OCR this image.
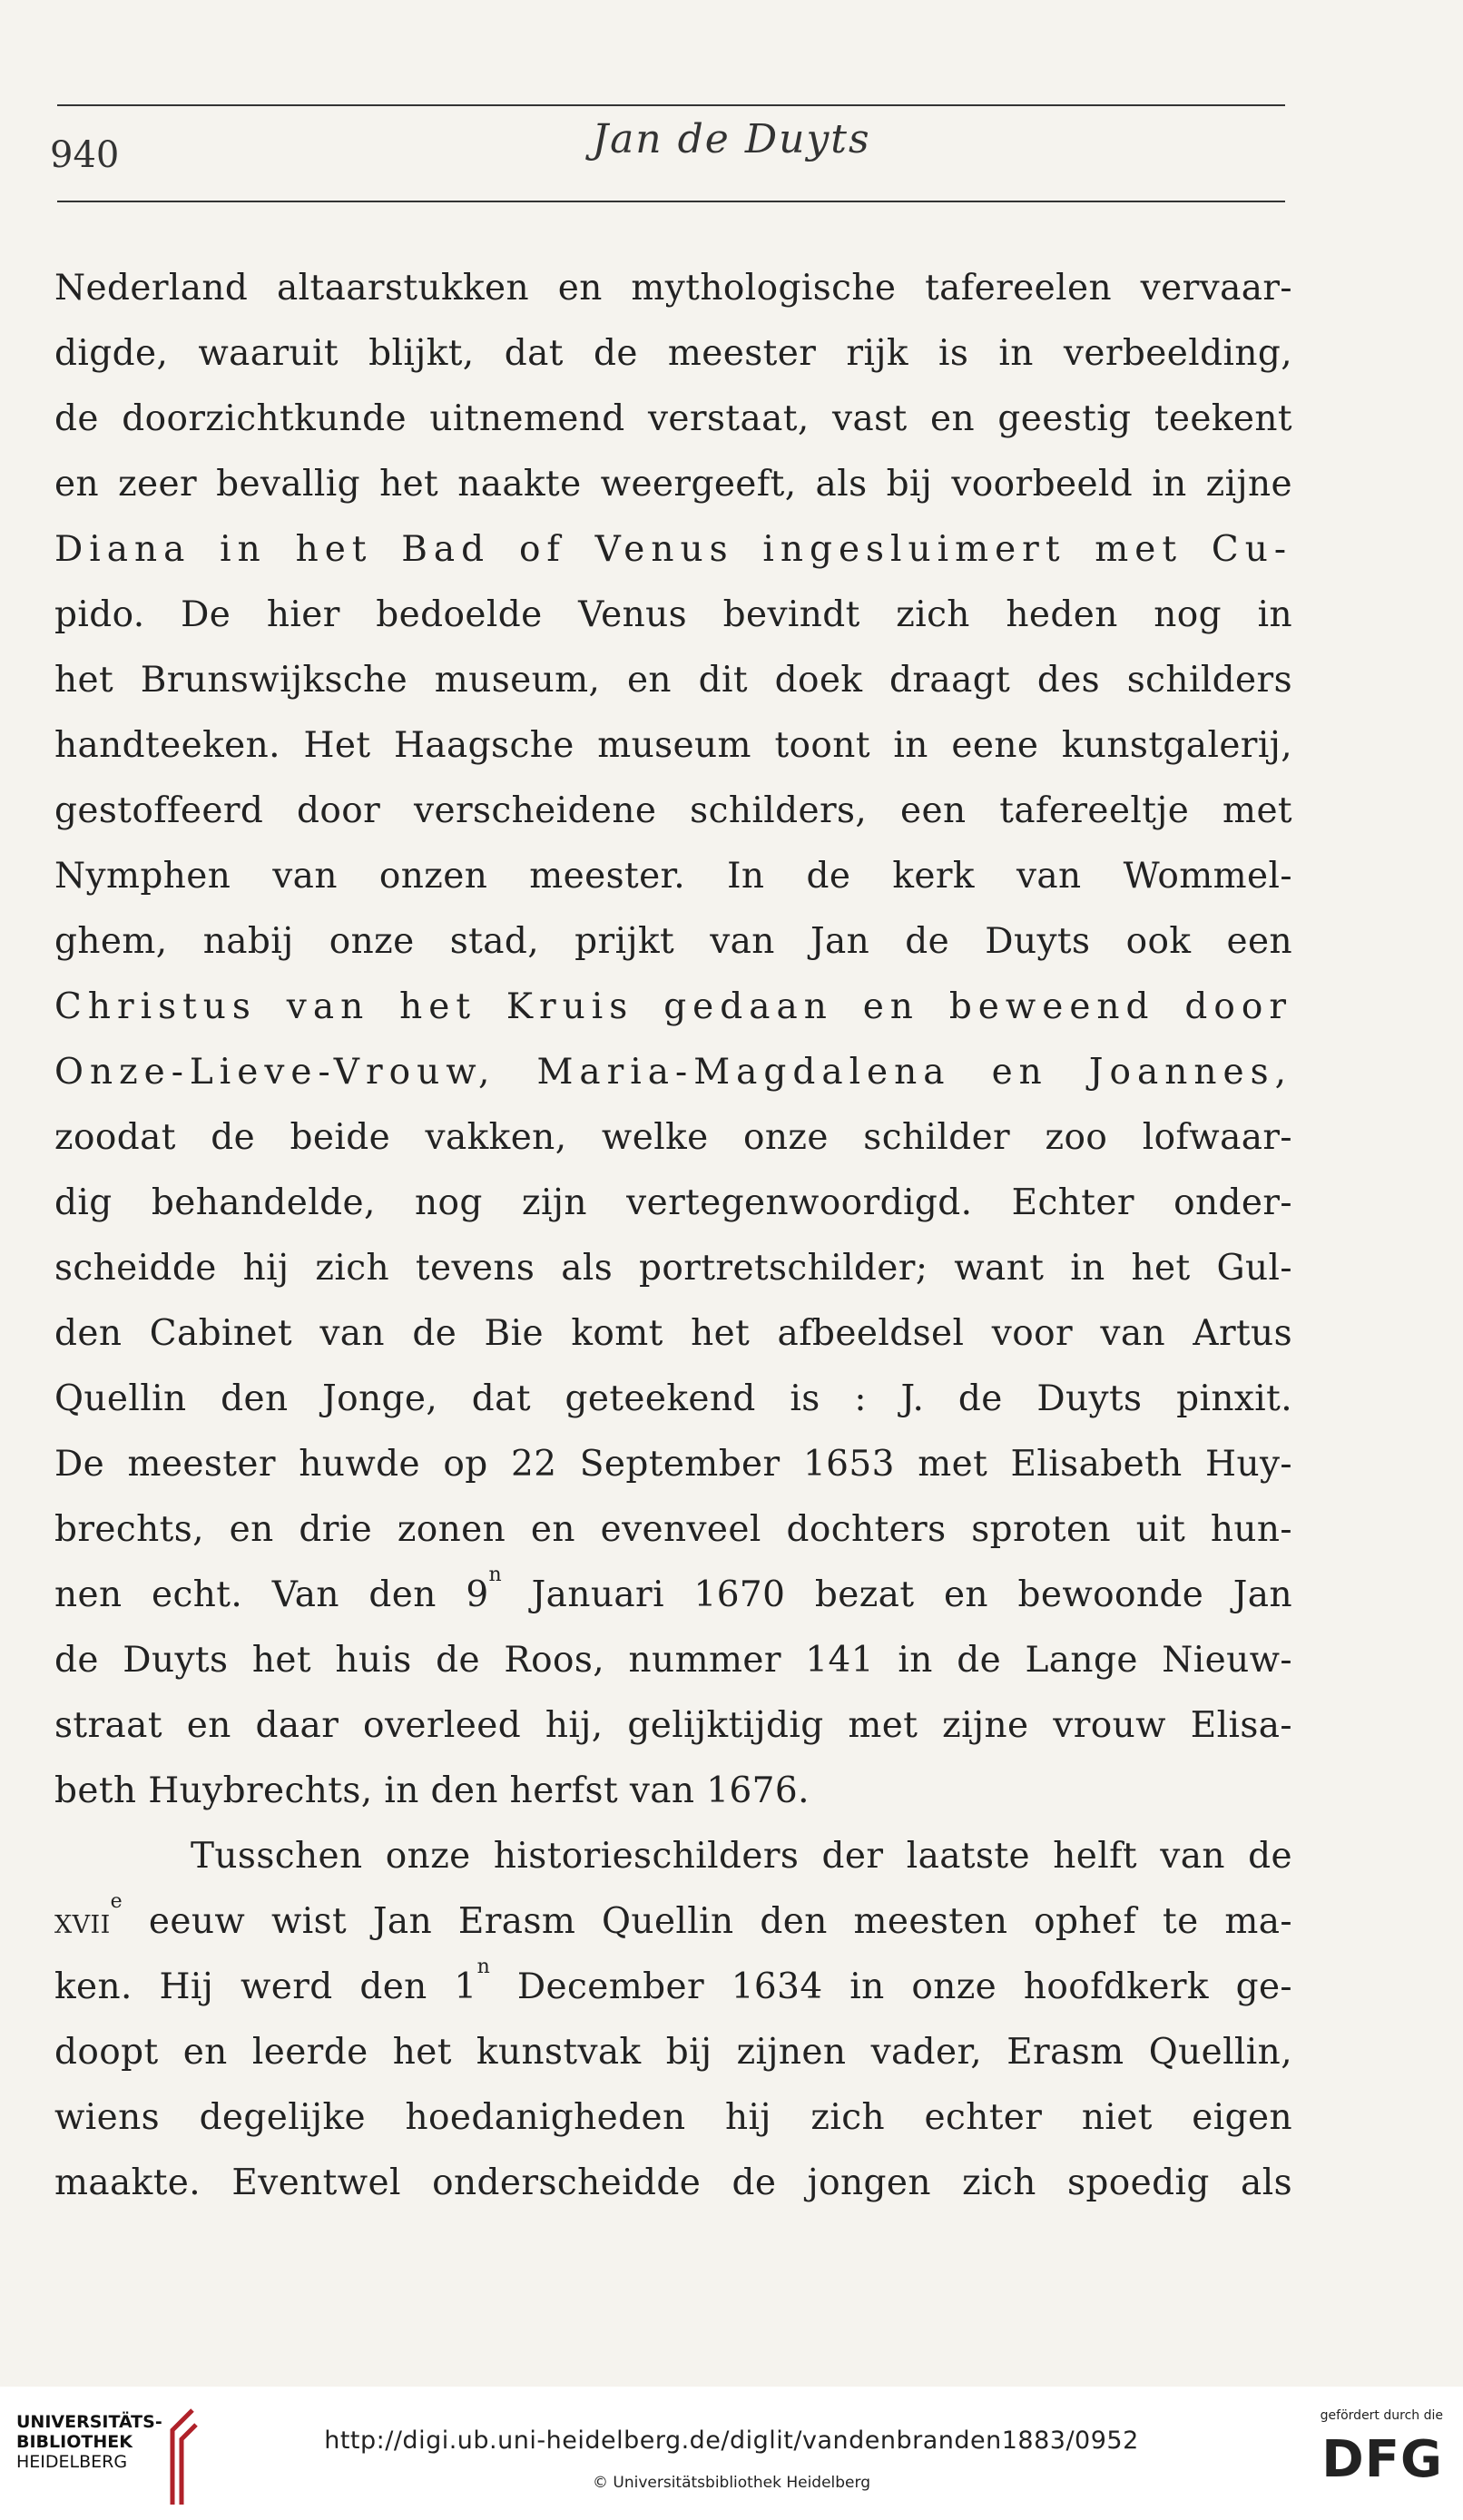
940	Jan de Duyts
Nederland altaarstukken en mythologische tafereelen vervaar-
digde, waaruit blijkt, dat de meester rijk is in verbeelding,
de doorzichtkunde uitnemend verstaat, vast en geestig teekent
en zeer bevallig het naakte weergeeft, als bij voorbeeld in zijne
Diana in het Bad of Venus ingesluimert met Cu-
pido. De hier bedoelde Venus bevindt zich heden nog in
het Brunswijksche museum, en dit doek draagt des schilders
handteeken. Het Haagsche museum toont in eene kunstgalerij,
gestoffeerd door verscheidene schilders, een tafereeltje met
Nymphen van onzen meester. In de kerk van Wommel-
ghem, nabij onze stad, prijkt van Jan de Duyts ook een
Christus van het Kruis gedaan en beweend door
Onze-Lieve-Vrouw, Maria-Magdalena en Joannes,
zoodat de beide vakken, welke onze schilder zoo lofwaar-
dig behandelde, nog zijn vertegenwoordigd. Echter onder-
scheidde hij zich tevens als portretschilder; want in het Gul-
den Cabinet van de Bie komt het afbeeldsel voor van Artus
Quellin den Jonge, dat geteekend is : J. de Duyts pinxit.
De meester huwde op 22 September 1653 met Elisabeth Huy-
brechts, en drie zonen en evenveel dochters sproten uit hun-
nen echt. Van den 9$^n$ Januari 1670 bezat en bewoonde Jan
de Duyts het huis de Roos, nummer 141 in de Lange Nieuw-
straat en daar overleed hij, gelijktijdig met zijne vrouw Elisa-
beth Huybrechts, in den herfst van 1676.
Tusschen onze historieschilders der laatste helft van de
xvii$^e$ eeuw wist Jan Erasm Quellin den meesten ophef te ma-
ken. Hij werd den 1$^n$ December 1634 in onze hoofdkerk ge-
doopt en leerde het kunstvak bij zijnen vader, Erasm Quellin,
wiens degelijke hoedanigheden hij zich echter niet eigen
maakte. Eventwel onderscheidde de jongen zich spoedig als
UNIVERSITÄTS-
BIBLIOTHEK
HEIDELBERG
http://digi.ub.uni-heidelberg.de/diglit/vandenbranden1883/0952
© Universitätsbibliothek Heidelberg
gefördert durch die
DFG
